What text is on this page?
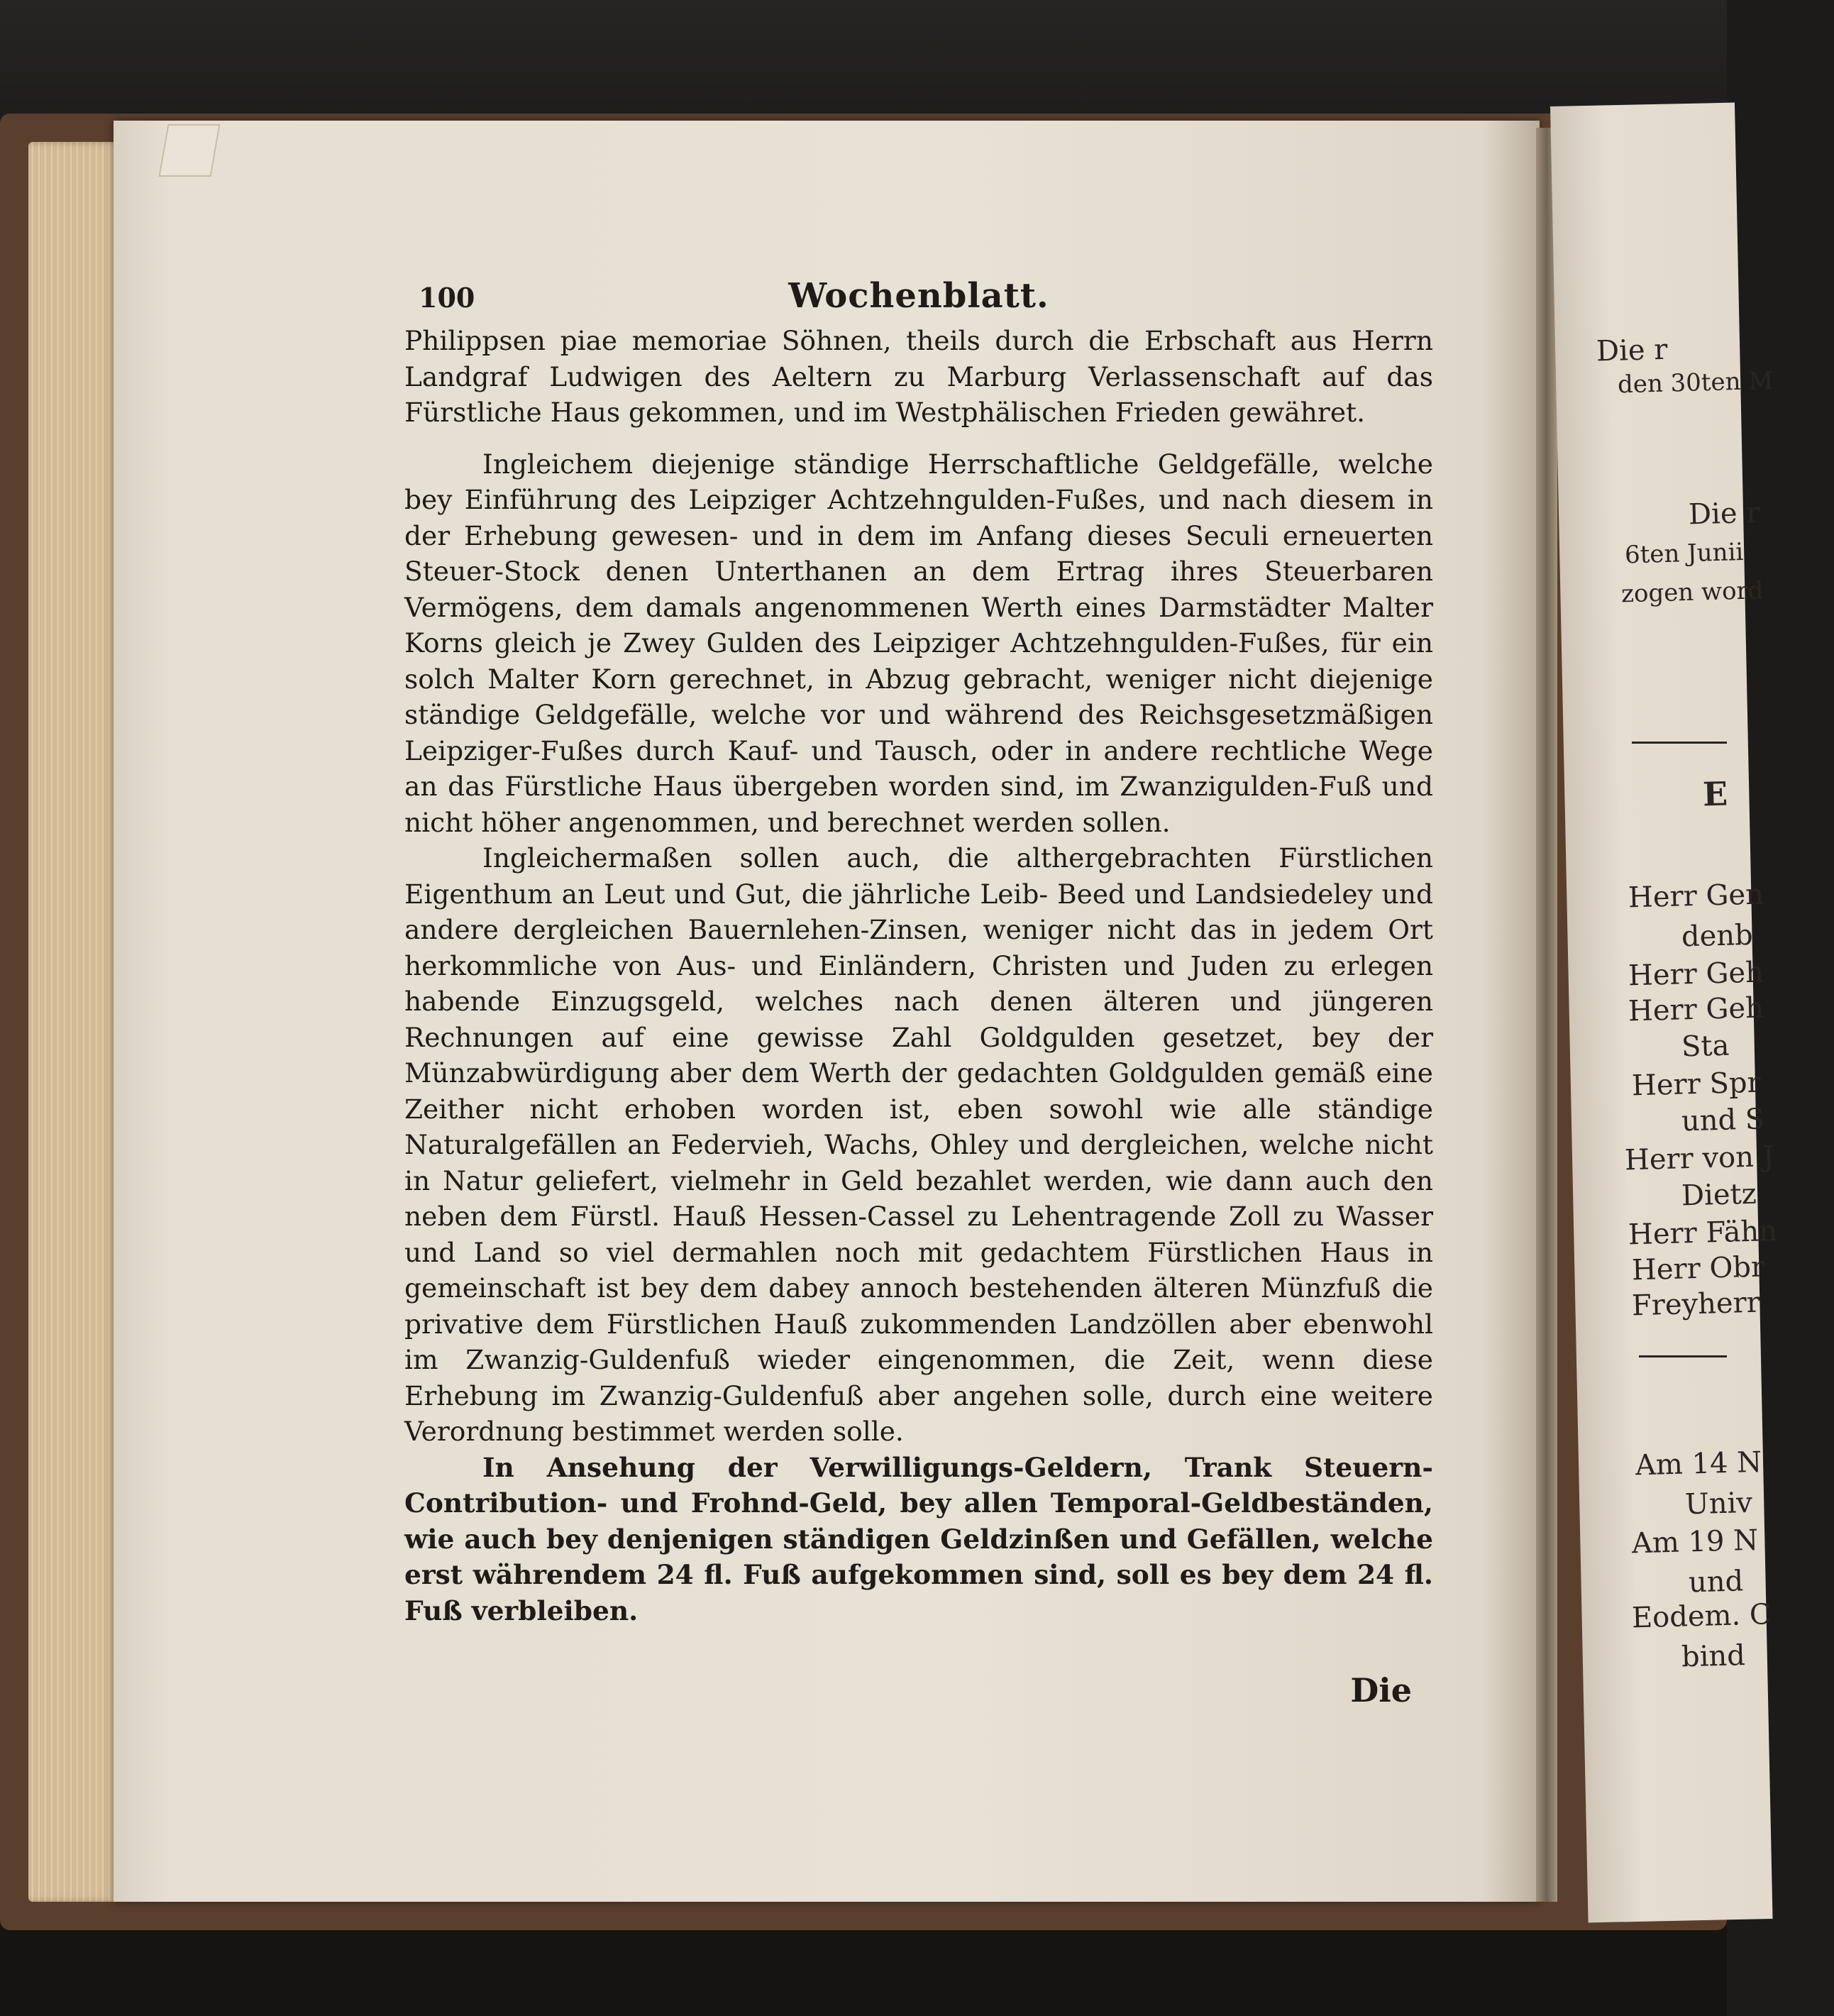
100	Wochenblatt.

Philippsen piae memoriae Söhnen, theils durch die Erbschaft aus Herrn Landgraf Ludwigen des Aeltern zu Marburg Verlassenschaft auf das Fürstliche Haus gekommen, und im Westphälischen Frieden gewähret.

Ingleichem diejenige ständige Herrschaftliche Geldgefälle, welche bey Einführung des Leipziger Achtzehngulden-Fußes, und nach diesem in der Erhebung gewesen- und in dem im Anfang dieses Seculi erneuerten Steuer-Stock denen Unterthanen an dem Ertrag ihres Steuerbaren Vermögens, dem damals angenommenen Werth eines Darmstädter Malter Korns gleich je Zwey Gulden des Leipziger Achtzehngulden-Fußes, für ein solch Malter Korn gerechnet, in Abzug gebracht, weniger nicht diejenige ständige Geldgefälle, welche vor und während des Reichsgesetzmäßigen Leipziger-Fußes durch Kauf- und Tausch, oder in andere rechtliche Wege an das Fürstliche Haus übergeben worden sind, im Zwanzigulden-Fuß und nicht höher angenommen, und berechnet werden sollen.

Ingleichermaßen sollen auch, die althergebrachten Fürstlichen Eigenthum an Leut und Gut, die jährliche Leib- Beed und Landsiedeley und andere dergleichen Bauernlehen-Zinsen, weniger nicht das in jedem Ort herkommliche von Aus- und Einländern, Christen und Juden zu erlegen habende Einzugsgeld, welches nach denen älteren und jüngeren Rechnungen auf eine gewisse Zahl Goldgulden gesetzet, bey der Münzabwürdigung aber dem Werth der gedachten Goldgulden gemäß eine Zeither nicht erhoben worden ist, eben sowohl wie alle ständige Naturalgefällen an Federvieh, Wachs, Ohley und dergleichen, welche nicht in Natur geliefert, vielmehr in Geld bezahlet werden, wie dann auch den neben dem Fürstl. Hauß Hessen-Cassel zu Lehentragende Zoll zu Wasser und Land so viel dermahlen noch mit gedachtem Fürstlichen Haus in gemeinschaft ist bey dem dabey annoch bestehenden älteren Münzfuß die privative dem Fürstlichen Hauß zukommenden Landzöllen aber ebenwohl im Zwanzig-Guldenfuß wieder eingenommen, die Zeit, wenn diese Erhebung im Zwanzig-Guldenfuß aber angehen solle, durch eine weitere Verordnung bestimmet werden solle.

In Ansehung der Verwilligungs-Geldern, Trank Steuern- Contribution- und Frohnd-Geld, bey allen Temporal-Geldbeständen, wie auch bey denjenigen ständigen Geldzinßen und Gefällen, welche erst währendem 24 fl. Fuß aufgekommen sind, soll es bey dem 24 fl. Fuß verbleiben.

Die
Die r
den 30ten M
Die r
6ten Junii
zogen word
E
Herr Gen
denb
Herr Geh
Herr Geh
Sta
Herr Spr
und S
Herr von J
Dietz
Herr Fähn
Herr Obr
Freyherr
Am 14 N
Univ
Am 19 N
und
Eodem. C
bind
